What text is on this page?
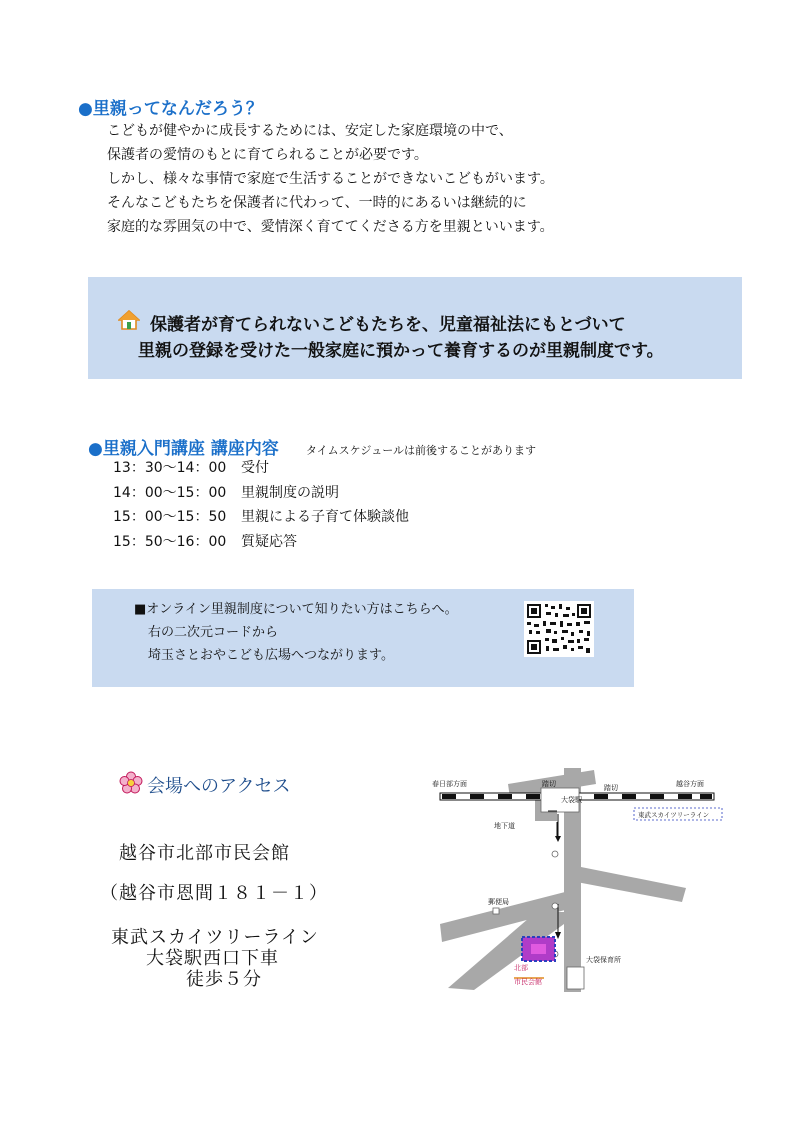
●里親ってなんだろう？
こどもが健やかに成長するためには、安定した家庭環境の中で、
保護者の愛情のもとに育てられることが必要です。
しかし、様々な事情で家庭で生活することができないこどもがいます。
そんなこどもたちを保護者に代わって、一時的にあるいは継続的に
家庭的な雰囲気の中で、愛情深く育ててくださる方を里親といいます。
保護者が育てられないこどもたちを、児童福祉法にもとづいて
里親の登録を受けた一般家庭に預かって養育するのが里親制度です。
●里親入門講座 講座内容 タイムスケジュールは前後することがあります
13：30～14：00 受付
14：00～15：00 里親制度の説明
15：00～15：50 里親による子育て体験談他
15：50～16：00 質疑応答
■オンライン里親制度について知りたい方はこちらへ。
右の二次元コードから
埼玉さとおやこども広場へつながります。
会場へのアクセス
越谷市北部市民会館
（越谷市恩間１８１－１）
東武スカイツリーライン
大袋駅西口下車
徒歩５分
春日部方面	越谷方面
踏切	踏切
大袋駅
地下道
東武スカイツリーライン
郵便局
大袋保育所
北部
市民会館
